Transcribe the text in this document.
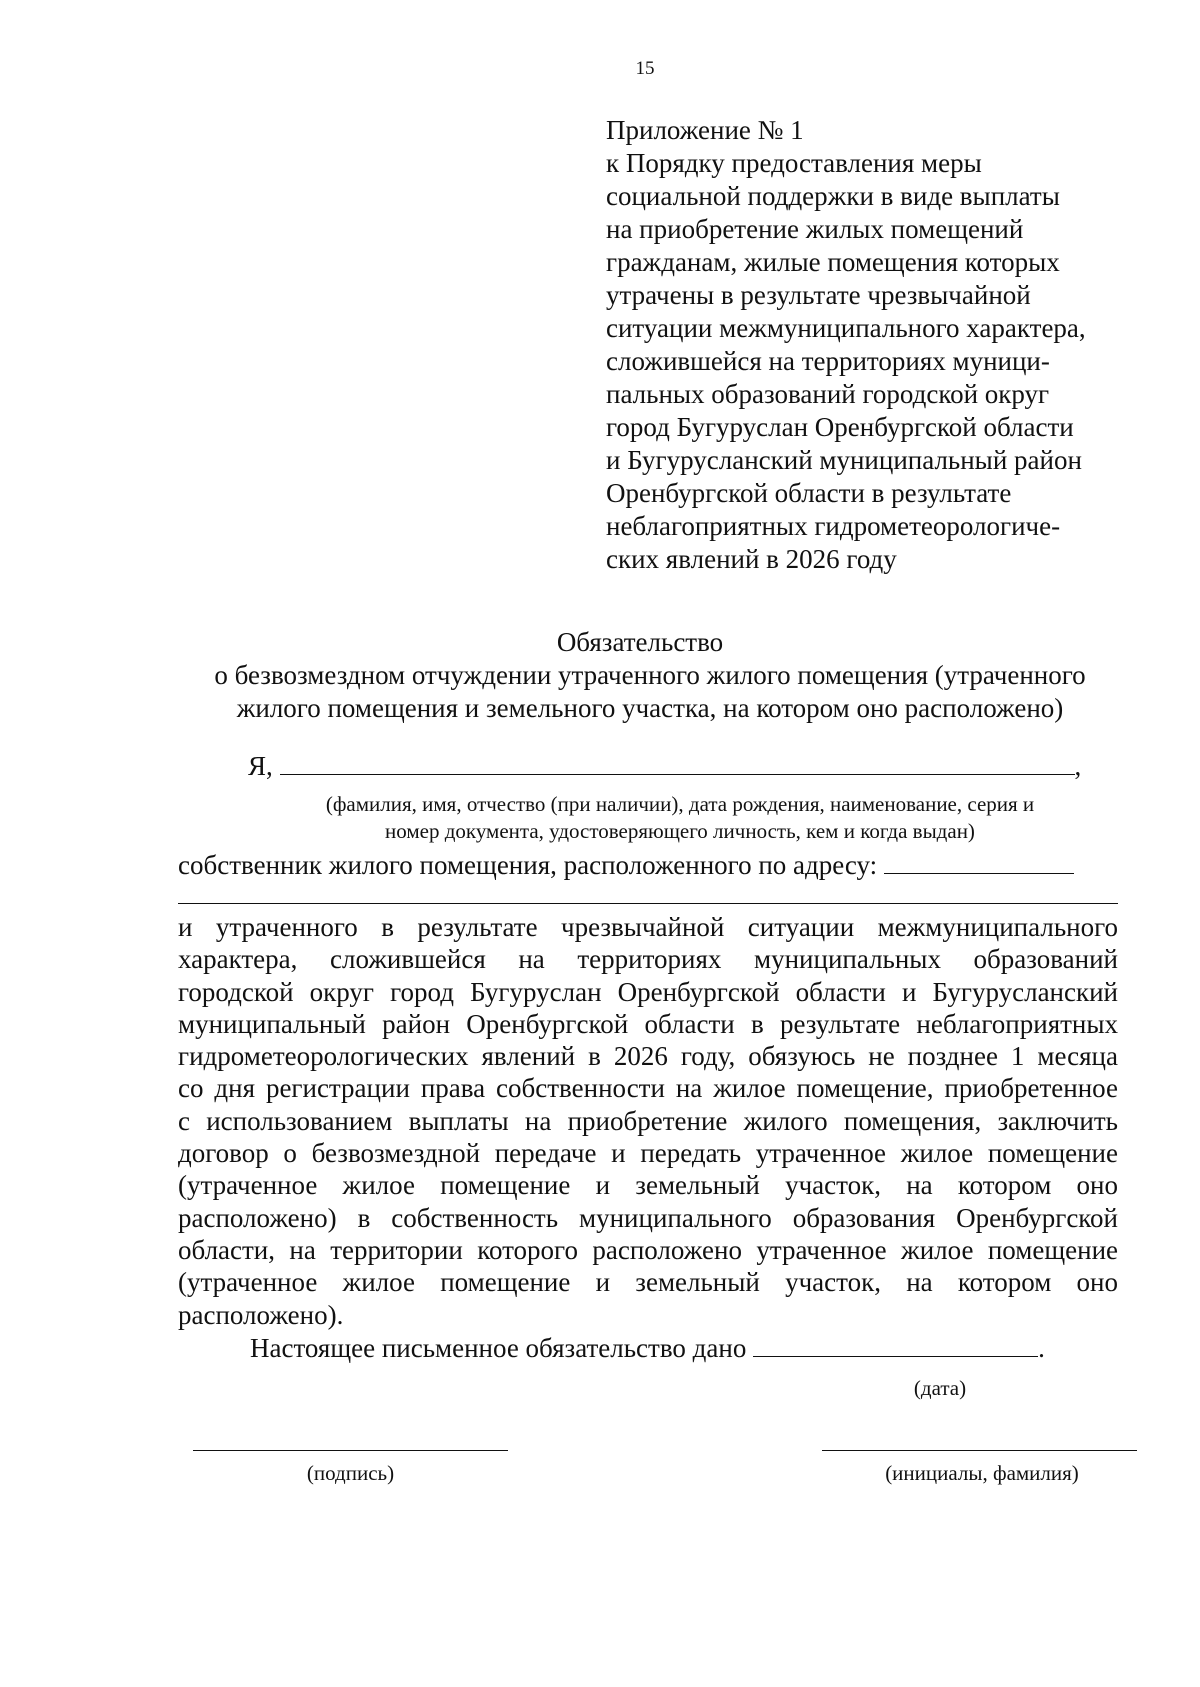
15
Приложение № 1
к Порядку предоставления меры
социальной поддержки в виде выплаты
на приобретение жилых помещений
гражданам, жилые помещения которых
утрачены в результате чрезвычайной
ситуации межмуниципального характера,
сложившейся на территориях муници-
пальных образований городской округ
город Бугуруслан Оренбургской области
и Бугурусланский муниципальный район
Оренбургской области в результате
неблагоприятных гидрометеорологиче-
ских явлений в 2026 году
Обязательство
о безвозмездном отчуждении утраченного жилого помещения (утраченного
жилого помещения и земельного участка, на котором оно расположено)
Я,	,
(фамилия, имя, отчество (при наличии), дата рождения, наименование, серия и
номер документа, удостоверяющего личность, кем и когда выдан)
собственник жилого помещения, расположенного по адресу:
и утраченного в результате чрезвычайной ситуации межмуниципального
характера, сложившейся на территориях муниципальных образований
городской округ город Бугуруслан Оренбургской области и Бугурусланский
муниципальный район Оренбургской области в результате неблагоприятных
гидрометеорологических явлений в 2026 году, обязуюсь не позднее 1 месяца
со дня регистрации права собственности на жилое помещение, приобретенное
с использованием выплаты на приобретение жилого помещения, заключить
договор о безвозмездной передаче и передать утраченное жилое помещение
(утраченное жилое помещение и земельный участок, на котором оно
расположено) в собственность муниципального образования Оренбургской
области, на территории которого расположено утраченное жилое помещение
(утраченное жилое помещение и земельный участок, на котором оно
расположено).
Настоящее письменное обязательство дано	.
(дата)
(подпись)	(инициалы, фамилия)
